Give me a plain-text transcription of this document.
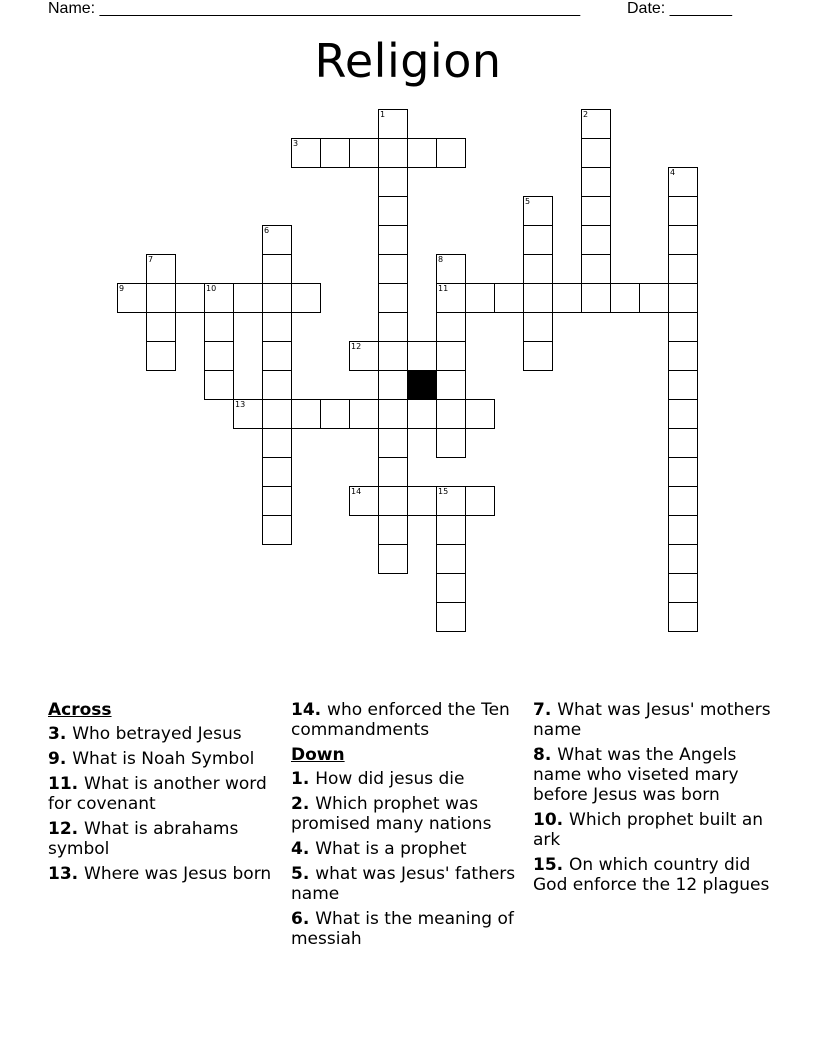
Name: ______________________________________________________	Date: _______
Religion
1	2
3
4
5
6
7	8
9	10	11
12
13
14	15
Across
3. Who betrayed Jesus
9. What is Noah Symbol
11. What is another word for covenant
12. What is abrahams symbol
13. Where was Jesus born
14. who enforced the Ten commandments
Down
1. How did jesus die
2. Which prophet was promised many nations
4. What is a prophet
5. what was Jesus' fathers name
6. What is the meaning of messiah
7. What was Jesus' mothers name
8. What was the Angels name who viseted mary before Jesus was born
10. Which prophet built an ark
15. On which country did God enforce the 12 plagues
